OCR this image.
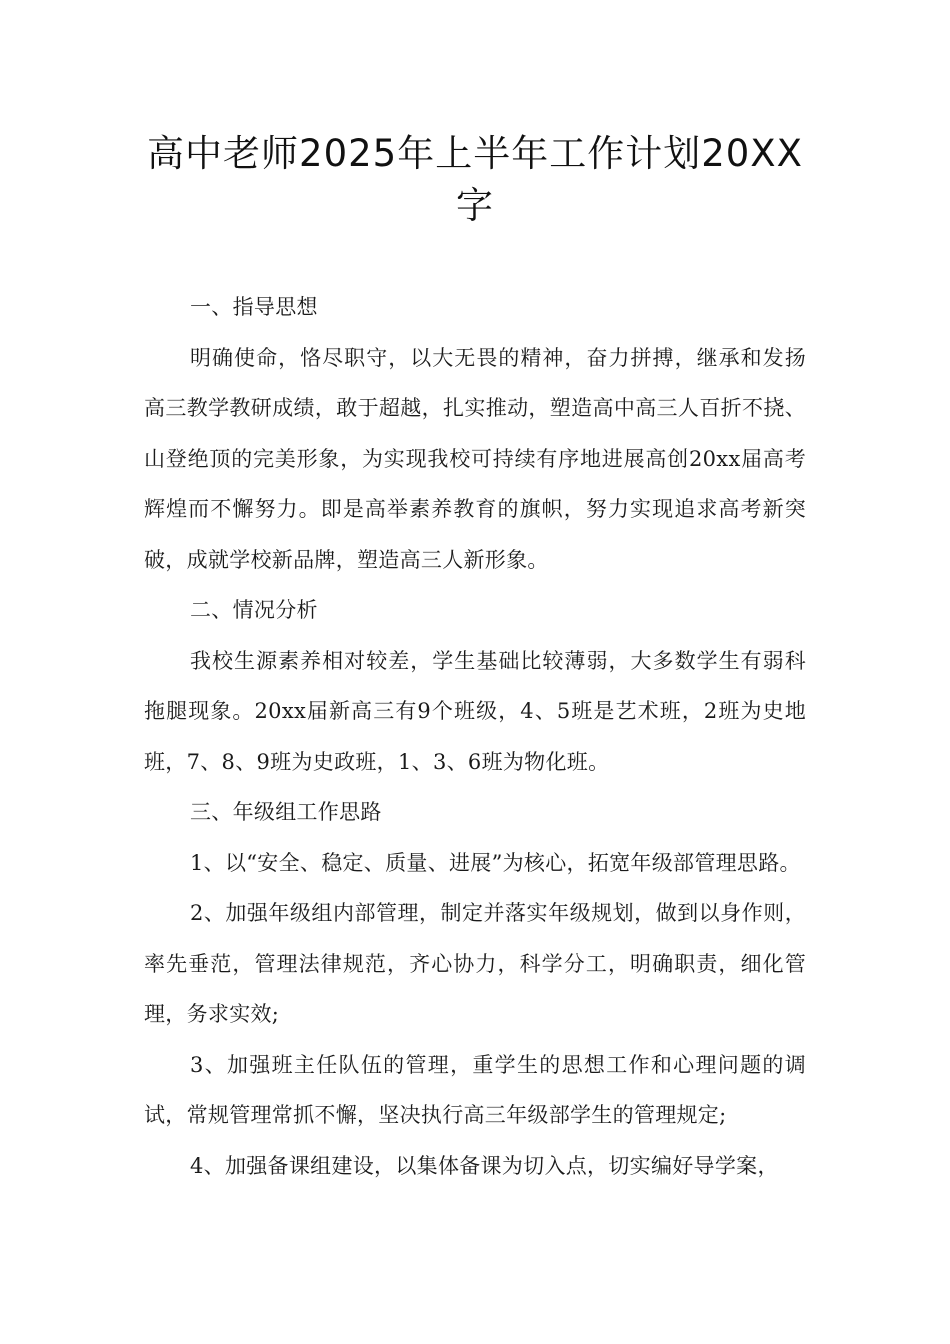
高中老师2025年上半年工作计划20XX字

一、指导思想

明确使命，恪尽职守，以大无畏的精神，奋力拼搏，继承和发扬高三教学教研成绩，敢于超越，扎实推动，塑造高中高三人百折不挠、山登绝顶的完美形象，为实现我校可持续有序地进展高创20xx届高考辉煌而不懈努力。即是高举素养教育的旗帜，努力实现追求高考新突破，成就学校新品牌，塑造高三人新形象。

二、情况分析

我校生源素养相对较差，学生基础比较薄弱，大多数学生有弱科拖腿现象。20xx届新高三有9个班级，4、5班是艺术班，2班为史地班，7、8、9班为史政班，1、3、6班为物化班。

三、年级组工作思路

1、以“安全、稳定、质量、进展”为核心，拓宽年级部管理思路。

2、加强年级组内部管理，制定并落实年级规划，做到以身作则，率先垂范，管理法律规范，齐心协力，科学分工，明确职责，细化管理，务求实效;

3、加强班主任队伍的管理，重学生的思想工作和心理问题的调试，常规管理常抓不懈，坚决执行高三年级部学生的管理规定;

4、加强备课组建设，以集体备课为切入点，切实编好导学案，
